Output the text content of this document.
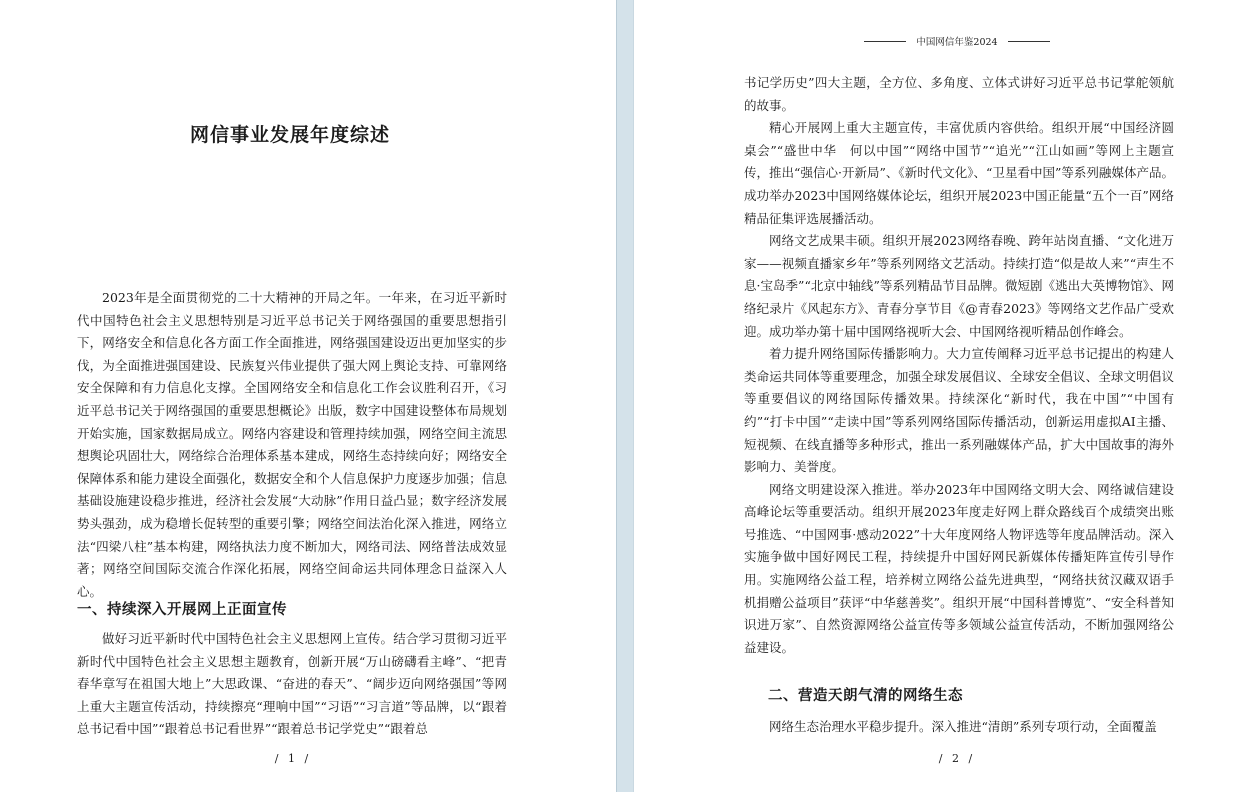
网信事业发展年度综述

2023年是全面贯彻党的二十大精神的开局之年。一年来，在习近平新时代中国特色社会主义思想特别是习近平总书记关于网络强国的重要思想指引下，网络安全和信息化各方面工作全面推进，网络强国建设迈出更加坚实的步伐，为全面推进强国建设、民族复兴伟业提供了强大网上舆论支持、可靠网络安全保障和有力信息化支撑。全国网络安全和信息化工作会议胜利召开，《习近平总书记关于网络强国的重要思想概论》出版，数字中国建设整体布局规划开始实施，国家数据局成立。网络内容建设和管理持续加强，网络空间主流思想舆论巩固壮大，网络综合治理体系基本建成，网络生态持续向好；网络安全保障体系和能力建设全面强化，数据安全和个人信息保护力度逐步加强；信息基础设施建设稳步推进，经济社会发展“大动脉”作用日益凸显；数字经济发展势头强劲，成为稳增长促转型的重要引擎；网络空间法治化深入推进，网络立法“四梁八柱”基本构建，网络执法力度不断加大，网络司法、网络普法成效显著；网络空间国际交流合作深化拓展，网络空间命运共同体理念日益深入人心。

一、持续深入开展网上正面宣传

做好习近平新时代中国特色社会主义思想网上宣传。结合学习贯彻习近平新时代中国特色社会主义思想主题教育，创新开展“万山磅礴看主峰”、“把青春华章写在祖国大地上”大思政课、“奋进的春天”、“阔步迈向网络强国”等网上重大主题宣传活动，持续擦亮“理响中国”“习语”“习言道”等品牌，以“跟着总书记看中国”“跟着总书记看世界”“跟着总书记学党史”“跟着总

/ 1 /
中国网信年鉴2024

书记学历史”四大主题，全方位、多角度、立体式讲好习近平总书记掌舵领航的故事。

精心开展网上重大主题宣传，丰富优质内容供给。组织开展“中国经济圆桌会”“盛世中华　何以中国”“网络中国节”“追光”“江山如画”等网上主题宣传，推出“强信心·开新局”、《新时代文化》、“卫星看中国”等系列融媒体产品。成功举办2023中国网络媒体论坛，组织开展2023中国正能量“五个一百”网络精品征集评选展播活动。

网络文艺成果丰硕。组织开展2023网络春晚、跨年站岗直播、“文化进万家——视频直播家乡年”等系列网络文艺活动。持续打造“似是故人来”“声生不息·宝岛季”“北京中轴线”等系列精品节目品牌。微短剧《逃出大英博物馆》、网络纪录片《风起东方》、青春分享节目《@青春2023》等网络文艺作品广受欢迎。成功举办第十届中国网络视听大会、中国网络视听精品创作峰会。

着力提升网络国际传播影响力。大力宣传阐释习近平总书记提出的构建人类命运共同体等重要理念，加强全球发展倡议、全球安全倡议、全球文明倡议等重要倡议的网络国际传播效果。持续深化“新时代，我在中国”“中国有约”“打卡中国”“走读中国”等系列网络国际传播活动，创新运用虚拟AI主播、短视频、在线直播等多种形式，推出一系列融媒体产品，扩大中国故事的海外影响力、美誉度。

网络文明建设深入推进。举办2023年中国网络文明大会、网络诚信建设高峰论坛等重要活动。组织开展2023年度走好网上群众路线百个成绩突出账号推选、“中国网事·感动2022”十大年度网络人物评选等年度品牌活动。深入实施争做中国好网民工程，持续提升中国好网民新媒体传播矩阵宣传引导作用。实施网络公益工程，培养树立网络公益先进典型，“网络扶贫汉藏双语手机捐赠公益项目”获评“中华慈善奖”。组织开展“中国科普博览”、“安全科普知识进万家”、自然资源网络公益宣传等多领域公益宣传活动，不断加强网络公益建设。

二、营造天朗气清的网络生态

网络生态治理水平稳步提升。深入推进“清朗”系列专项行动，全面覆盖

/ 2 /
